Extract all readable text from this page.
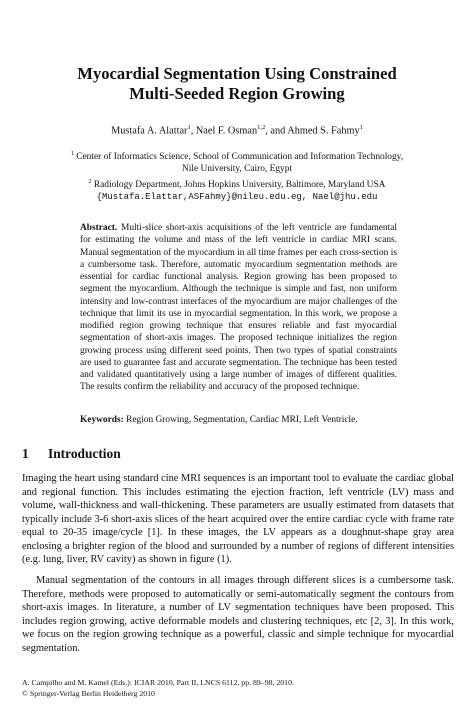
Myocardial Segmentation Using Constrained
Multi-Seeded Region Growing
Mustafa A. Alattar$^1$, Nael F. Osman$^{1,2}$, and Ahmed S. Fahmy$^1$
$^1$ Center of Informatics Science, School of Communication and Information Technology,
Nile University, Cairo, Egypt
$^2$ Radiology Department, Johns Hopkins University, Baltimore, Maryland USA
{Mustafa.Elattar,ASFahmy}@nileu.edu.eg, Nael@jhu.edu
Abstract. Multi-slice short-axis acquisitions of the left ventricle are fundamental for estimating the volume and mass of the left ventricle in cardiac MRI scans. Manual segmentation of the myocardium in all time frames per each cross-section is a cumbersome task. Therefore, automatic myocardium segmentation methods are essential for cardiac functional analysis. Region growing has been proposed to segment the myocardium. Although the technique is simple and fast, non uniform intensity and low-contrast interfaces of the myocardium are major challenges of the technique that limit its use in myocardial segmentation. In this work, we propose a modified region growing technique that ensures reliable and fast myocardial segmentation of short-axis images. The proposed technique initializes the region growing process using different seed points. Then two types of spatial constraints are used to guarantee fast and accurate segmentation. The technique has been tested and validated quantitatively using a large number of images of different qualities. The results confirm the reliability and accuracy of the proposed technique.
Keywords: Region Growing, Segmentation, Cardiac MRI, Left Ventricle.
1 Introduction
Imaging the heart using standard cine MRI sequences is an important tool to evaluate the cardiac global and regional function. This includes estimating the ejection fraction, left ventricle (LV) mass and volume, wall-thickness and wall-thickening. These parameters are usually estimated from datasets that typically include 3-6 short-axis slices of the heart acquired over the entire cardiac cycle with frame rate equal to 20-35 image/cycle [1]. In these images, the LV appears as a doughnut-shape gray area enclosing a brighter region of the blood and surrounded by a number of regions of different intensities (e.g. lung, liver, RV cavity) as shown in figure (1).
Manual segmentation of the contours in all images through different slices is a cumbersome task. Therefore, methods were proposed to automatically or semi-automatically segment the contours from short-axis images. In literature, a number of LV segmentation techniques have been proposed. This includes region growing, active deformable models and clustering techniques, etc [2, 3]. In this work, we focus on the region growing technique as a powerful, classic and simple technique for myocardial segmentation.
A. Campilho and M. Kamel (Eds.): ICIAR 2010, Part II, LNCS 6112, pp. 89–98, 2010.
© Springer-Verlag Berlin Heidelberg 2010
